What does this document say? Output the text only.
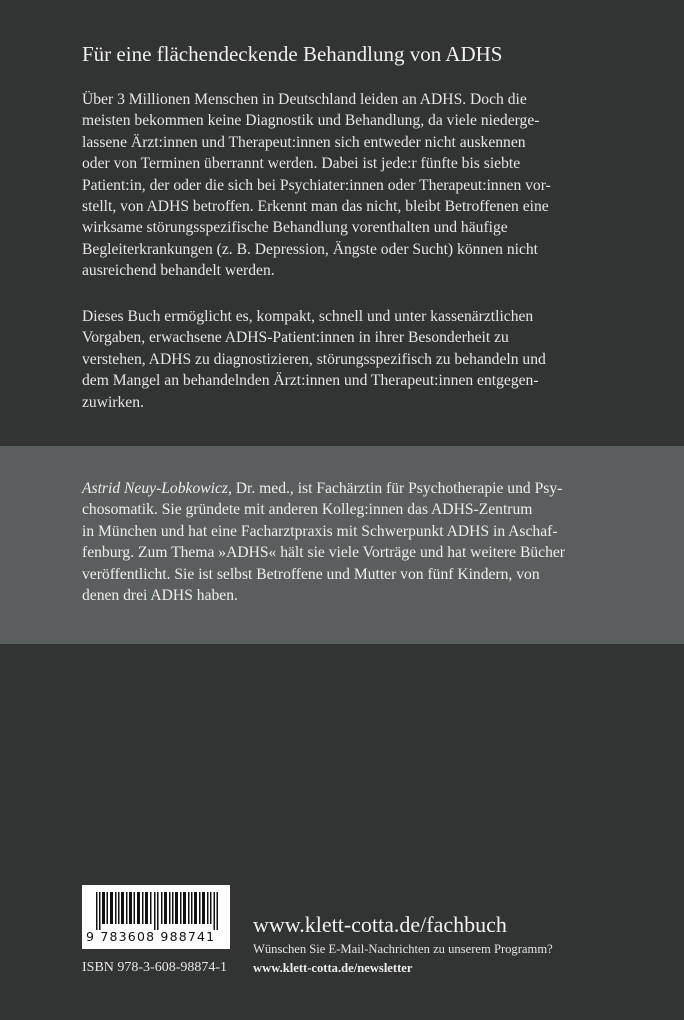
Für eine flächendeckende Behandlung von ADHS
Über 3 Millionen Menschen in Deutschland leiden an ADHS. Doch die
meisten bekommen keine Diagnostik und Behandlung, da viele niederge-
lassene Ärzt:innen und Therapeut:innen sich entweder nicht auskennen
oder von Terminen überrannt werden. Dabei ist jede:r fünfte bis siebte
Patient:in, der oder die sich bei Psychiater:innen oder Therapeut:innen vor-
stellt, von ADHS betroffen. Erkennt man das nicht, bleibt Betroffenen eine
wirksame störungsspezifische Behandlung vorenthalten und häufige
Begleiterkrankungen (z. B. Depression, Ängste oder Sucht) können nicht
ausreichend behandelt werden.
Dieses Buch ermöglicht es, kompakt, schnell und unter kassenärztlichen
Vorgaben, erwachsene ADHS-Patient:innen in ihrer Besonderheit zu
verstehen, ADHS zu diagnostizieren, störungsspezifisch zu behandeln und
dem Mangel an behandelnden Ärzt:innen und Therapeut:innen entgegen-
zuwirken.
Astrid Neuy-Lobkowicz, Dr. med., ist Fachärztin für Psychotherapie und Psy-
chosomatik. Sie gründete mit anderen Kolleg:innen das ADHS-Zentrum
in München und hat eine Facharztpraxis mit Schwerpunkt ADHS in Aschaf-
fenburg. Zum Thema »ADHS« hält sie viele Vorträge und hat weitere Bücher
veröffentlicht. Sie ist selbst Betroffene und Mutter von fünf Kindern, von
denen drei ADHS haben.
9 783608 988741
ISBN 978-3-608-98874-1
www.klett-cotta.de/fachbuch
Wünschen Sie E-Mail-Nachrichten zu unserem Programm?
www.klett-cotta.de/newsletter
